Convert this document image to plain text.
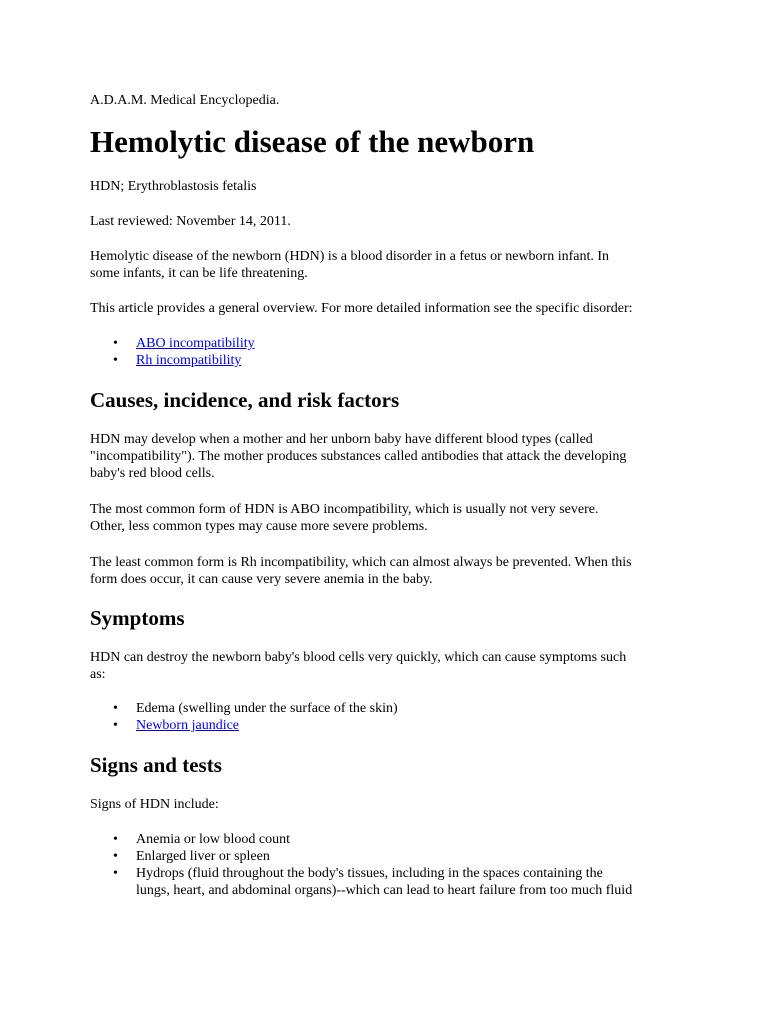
A.D.A.M. Medical Encyclopedia.

Hemolytic disease of the newborn

HDN; Erythroblastosis fetalis

Last reviewed: November 14, 2011.

Hemolytic disease of the newborn (HDN) is a blood disorder in a fetus or newborn infant. In
some infants, it can be life threatening.

This article provides a general overview. For more detailed information see the specific disorder:

• ABO incompatibility
• Rh incompatibility
Causes, incidence, and risk factors
HDN may develop when a mother and her unborn baby have different blood types (called
"incompatibility"). The mother produces substances called antibodies that attack the developing
baby's red blood cells.
The most common form of HDN is ABO incompatibility, which is usually not very severe.
Other, less common types may cause more severe problems.
The least common form is Rh incompatibility, which can almost always be prevented. When this
form does occur, it can cause very severe anemia in the baby.
Symptoms
HDN can destroy the newborn baby's blood cells very quickly, which can cause symptoms such
as:
• Edema (swelling under the surface of the skin)
• Newborn jaundice
Signs and tests

Signs of HDN include:

• Anemia or low blood count
• Enlarged liver or spleen
• Hydrops (fluid throughout the body's tissues, including in the spaces containing the
lungs, heart, and abdominal organs)--which can lead to heart failure from too much fluid
